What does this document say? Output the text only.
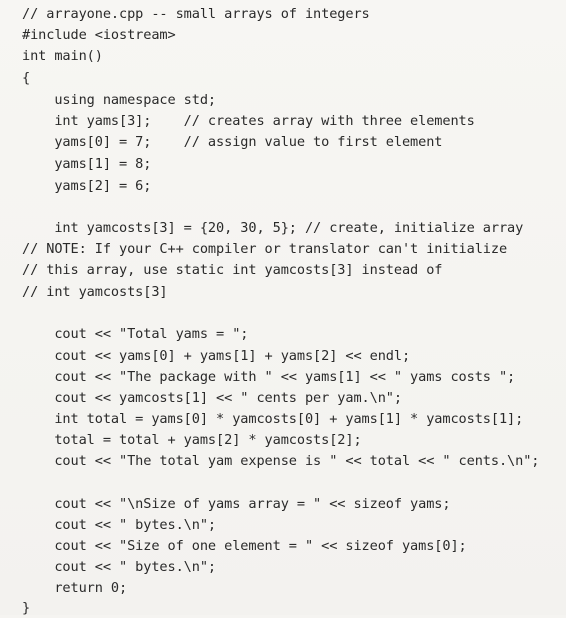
// arrayone.cpp -- small arrays of integers
#include <iostream>
int main()
{
using namespace std;
int yams[3];    // creates array with three elements
yams[0] = 7;    // assign value to first element
yams[1] = 8;
yams[2] = 6;
int yamcosts[3] = {20, 30, 5}; // create, initialize array
// NOTE: If your C++ compiler or translator can't initialize
// this array, use static int yamcosts[3] instead of
// int yamcosts[3]
cout << "Total yams = ";
cout << yams[0] + yams[1] + yams[2] << endl;
cout << "The package with " << yams[1] << " yams costs ";
cout << yamcosts[1] << " cents per yam.\n";
int total = yams[0] * yamcosts[0] + yams[1] * yamcosts[1];
total = total + yams[2] * yamcosts[2];
cout << "The total yam expense is " << total << " cents.\n";
cout << "\nSize of yams array = " << sizeof yams;
cout << " bytes.\n";
cout << "Size of one element = " << sizeof yams[0];
cout << " bytes.\n";
return 0;
}
